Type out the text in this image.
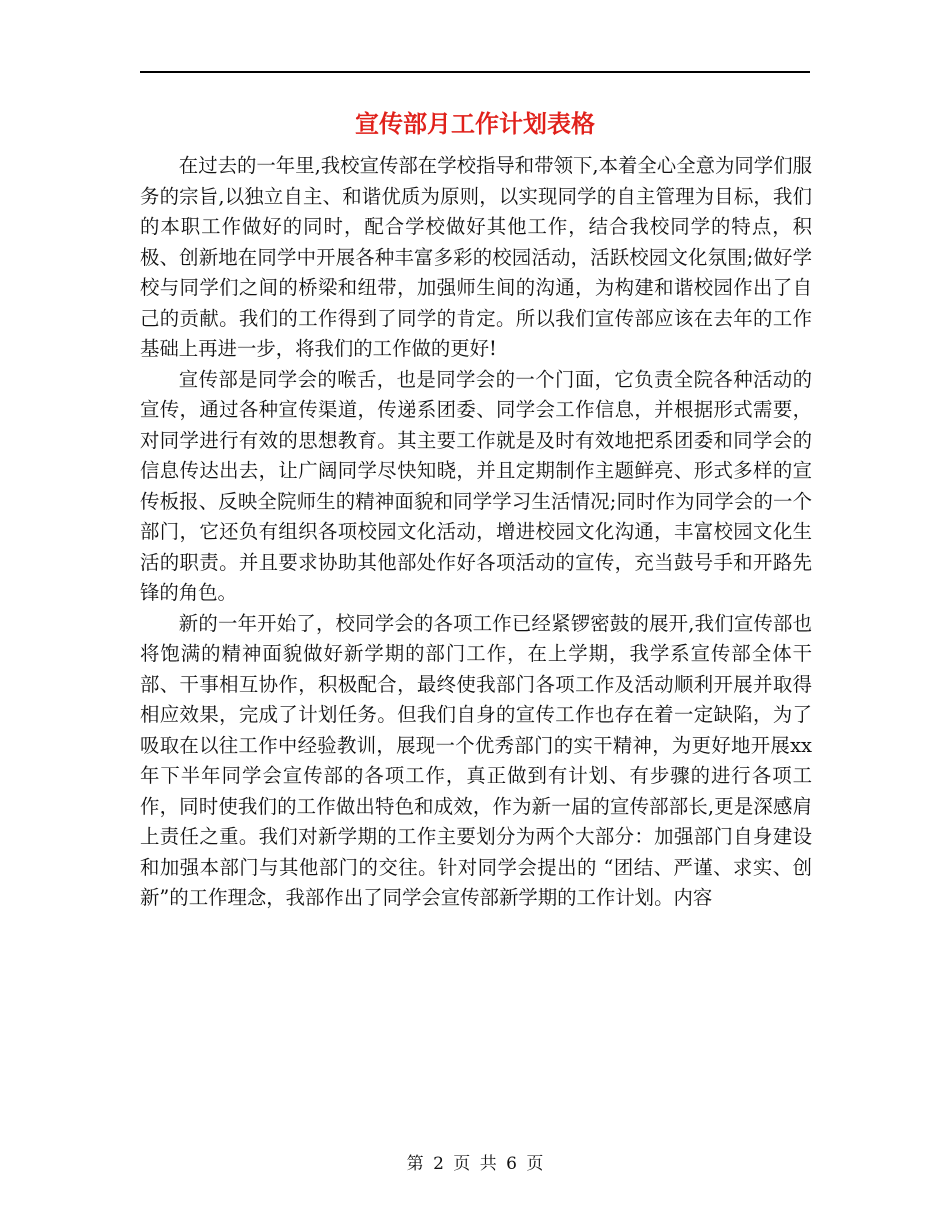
宣传部月工作计划表格

在过去的一年里,我校宣传部在学校指导和带领下,本着全心全意为同学们服务的宗旨,以独立自主、和谐优质为原则，以实现同学的自主管理为目标，我们的本职工作做好的同时，配合学校做好其他工作，结合我校同学的特点，积极、创新地在同学中开展各种丰富多彩的校园活动，活跃校园文化氛围;做好学校与同学们之间的桥梁和纽带，加强师生间的沟通，为构建和谐校园作出了自己的贡献。我们的工作得到了同学的肯定。所以我们宣传部应该在去年的工作基础上再进一步，将我们的工作做的更好!

宣传部是同学会的喉舌，也是同学会的一个门面，它负责全院各种活动的宣传，通过各种宣传渠道，传递系团委、同学会工作信息，并根据形式需要，对同学进行有效的思想教育。其主要工作就是及时有效地把系团委和同学会的信息传达出去，让广阔同学尽快知晓，并且定期制作主题鲜亮、形式多样的宣传板报、反映全院师生的精神面貌和同学学习生活情况;同时作为同学会的一个部门，它还负有组织各项校园文化活动，增进校园文化沟通，丰富校园文化生活的职责。并且要求协助其他部处作好各项活动的宣传，充当鼓号手和开路先锋的角色。

新的一年开始了，校同学会的各项工作已经紧锣密鼓的展开,我们宣传部也将饱满的精神面貌做好新学期的部门工作，在上学期，我学系宣传部全体干部、干事相互协作，积极配合，最终使我部门各项工作及活动顺利开展并取得相应效果，完成了计划任务。但我们自身的宣传工作也存在着一定缺陷，为了吸取在以往工作中经验教训，展现一个优秀部门的实干精神，为更好地开展xx年下半年同学会宣传部的各项工作，真正做到有计划、有步骤的进行各项工作，同时使我们的工作做出特色和成效，作为新一届的宣传部部长,更是深感肩上责任之重。我们对新学期的工作主要划分为两个大部分：加强部门自身建设和加强本部门与其他部门的交往。针对同学会提出的 “团结、严谨、求实、创新”的工作理念，我部作出了同学会宣传部新学期的工作计划。内容

第 2 页 共 6 页
